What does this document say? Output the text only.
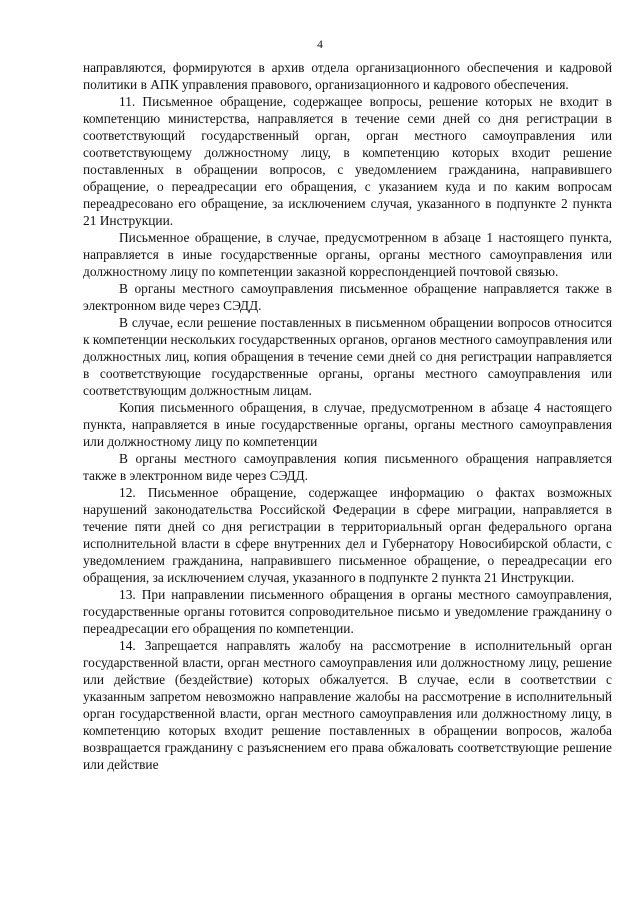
4

направляются, формируются в архив отдела организационного обеспечения и кадровой политики в АПК управления правового, организационного и кадрового обеспечения.

11. Письменное обращение, содержащее вопросы, решение которых не входит в компетенцию министерства, направляется в течение семи дней со дня регистрации в соответствующий государственный орган, орган местного самоуправления или соответствующему должностному лицу, в компетенцию которых входит решение поставленных в обращении вопросов, с уведомлением гражданина, направившего обращение, о переадресации его обращения, с указанием куда и по каким вопросам переадресовано его обращение, за исключением случая, указанного в подпункте 2 пункта 21 Инструкции.

Письменное обращение, в случае, предусмотренном в абзаце 1 настоящего пункта, направляется в иные государственные органы, органы местного самоуправления или должностному лицу по компетенции заказной корреспонденцией почтовой связью.

В органы местного самоуправления письменное обращение направляется также в электронном виде через СЭДД.

В случае, если решение поставленных в письменном обращении вопросов относится к компетенции нескольких государственных органов, органов местного самоуправления или должностных лиц, копия обращения в течение семи дней со дня регистрации направляется в соответствующие государственные органы, органы местного самоуправления или соответствующим должностным лицам.

Копия письменного обращения, в случае, предусмотренном в абзаце 4 настоящего пункта, направляется в иные государственные органы, органы местного самоуправления или должностному лицу по компетенции

В органы местного самоуправления копия письменного обращения направляется также в электронном виде через СЭДД.

12. Письменное обращение, содержащее информацию о фактах возможных нарушений законодательства Российской Федерации в сфере миграции, направляется в течение пяти дней со дня регистрации в территориальный орган федерального органа исполнительной власти в сфере внутренних дел и Губернатору Новосибирской области, с уведомлением гражданина, направившего письменное обращение, о переадресации его обращения, за исключением случая, указанного в подпункте 2 пункта 21 Инструкции.

13. При направлении письменного обращения в органы местного самоуправления, государственные органы готовится сопроводительное письмо и уведомление гражданину о переадресации его обращения по компетенции.

14. Запрещается направлять жалобу на рассмотрение в исполнительный орган государственной власти, орган местного самоуправления или должностному лицу, решение или действие (бездействие) которых обжалуется. В случае, если в соответствии с указанным запретом невозможно направление жалобы на рассмотрение в исполнительный орган государственной власти, орган местного самоуправления или должностному лицу, в компетенцию которых входит решение поставленных в обращении вопросов, жалоба возвращается гражданину с разъяснением его права обжаловать соответствующие решение или действие
